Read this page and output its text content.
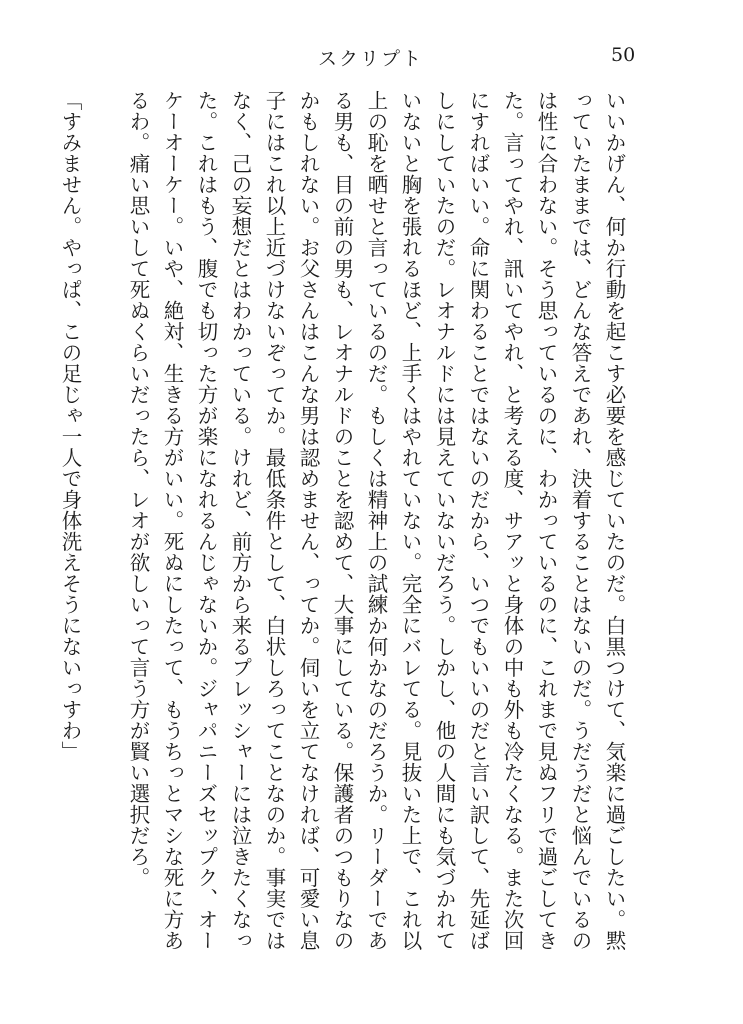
スクリプト	50

いいかげん、何か行動を起こす必要を感じていたのだ。白黒つけて、気楽に過ごしたい。黙っていたままでは、どんな答えであれ、決着することはないのだ。うだうだと悩んでいるのは性に合わない。そう思っているのに、わかっているのに、これまで見ぬフリで過ごしてきた。言ってやれ、訊いてやれ、と考える度、サアッと身体の中も外も冷たくなる。また次回にすればいい。命に関わることではないのだから、いつでもいいのだと言い訳して、先延ばしにしていたのだ。レオナルドには見えていないだろう。しかし、他の人間にも気づかれていないと胸を張れるほど、上手くはやれていない。完全にバレてる。見抜いた上で、これ以上の恥を晒せと言っているのだ。もしくは精神上の試練か何かなのだろうか。リーダーである男も、目の前の男も、レオナルドのことを認めて、大事にしている。保護者のつもりなのかもしれない。お父さんはこんな男は認めません、ってか。伺いを立てなければ、可愛い息子にはこれ以上近づけないぞってか。最低条件として、白状しろってことなのか。事実ではなく、己の妄想だとはわかっている。けれど、前方から来るプレッシャーには泣きたくなった。これはもう、腹でも切った方が楽になれるんじゃないか。ジャパニーズセップク、オーケーオーケー。いや、絶対、生きる方がいい。死ぬにしたって、もうちっとマシな死に方あるわ。痛い思いして死ぬくらいだったら、レオが欲しいって言う方が賢い選択だろ。

「すみません。やっぱ、この足じゃ一人で身体洗えそうにないっすわ」
